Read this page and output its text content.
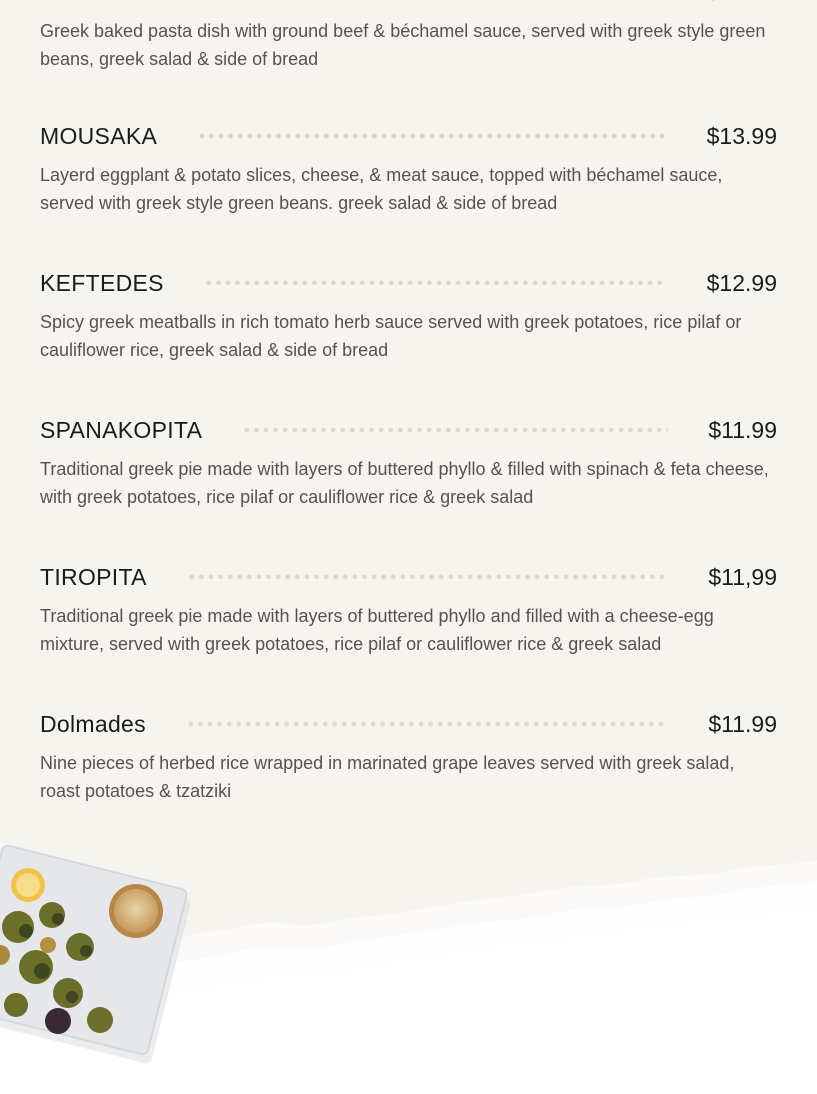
Greek baked pasta dish with ground beef & béchamel sauce, served with greek style green beans, greek salad & side of bread

MOUSAKA	$13.99

Layerd eggplant & potato slices, cheese, & meat sauce, topped with béchamel sauce, served with greek style green beans. greek salad & side of bread

KEFTEDES	$12.99

Spicy greek meatballs in rich tomato herb sauce served with greek potatoes, rice pilaf or cauliflower rice, greek salad & side of bread

SPANAKOPITA	$11.99

Traditional greek pie made with layers of buttered phyllo & filled with spinach & feta cheese, with greek potatoes, rice pilaf or cauliflower rice & greek salad

TIROPITA	$11,99

Traditional greek pie made with layers of buttered phyllo and filled with a cheese-egg mixture, served with greek potatoes, rice pilaf or cauliflower rice & greek salad

Dolmades	$11.99

Nine pieces of herbed rice wrapped in marinated grape leaves served with greek salad, roast potatoes & tzatziki
